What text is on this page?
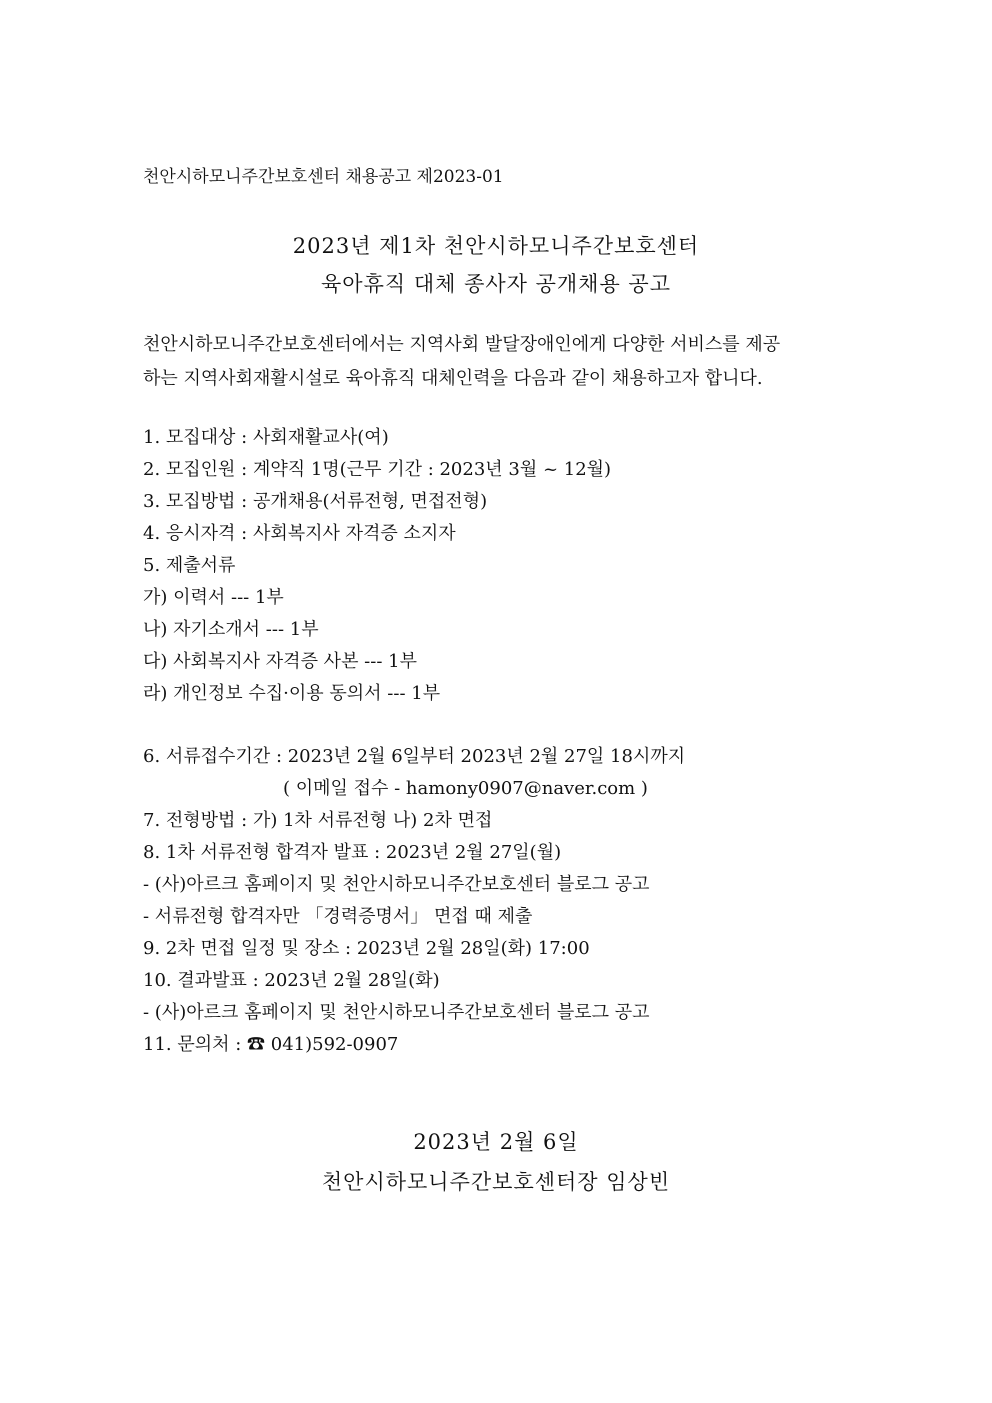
천안시하모니주간보호센터 채용공고 제2023-01
2023년 제1차 천안시하모니주간보호센터
육아휴직 대체 종사자 공개채용 공고
천안시하모니주간보호센터에서는 지역사회 발달장애인에게 다양한 서비스를 제공
하는 지역사회재활시설로 육아휴직 대체인력을 다음과 같이 채용하고자 합니다.
1. 모집대상 : 사회재활교사(여)
2. 모집인원 : 계약직 1명(근무 기간 : 2023년 3월 ~ 12월)
3. 모집방법 : 공개채용(서류전형, 면접전형)
4. 응시자격 : 사회복지사 자격증 소지자
5. 제출서류
가) 이력서 --- 1부
나) 자기소개서 --- 1부
다) 사회복지사 자격증 사본 --- 1부
라) 개인정보 수집·이용 동의서 --- 1부
6. 서류접수기간 : 2023년 2월 6일부터 2023년 2월 27일 18시까지
( 이메일 접수 - hamony0907@naver.com )
7. 전형방법 : 가) 1차 서류전형 나) 2차 면접
8. 1차 서류전형 합격자 발표 : 2023년 2월 27일(월)
- (사)아르크 홈페이지 및 천안시하모니주간보호센터 블로그 공고
- 서류전형 합격자만 「경력증명서」 면접 때 제출
9. 2차 면접 일정 및 장소 : 2023년 2월 28일(화) 17:00
10. 결과발표 : 2023년 2월 28일(화)
- (사)아르크 홈페이지 및 천안시하모니주간보호센터 블로그 공고
11. 문의처 : ☎ 041)592-0907
2023년 2월 6일
천안시하모니주간보호센터장 임상빈
